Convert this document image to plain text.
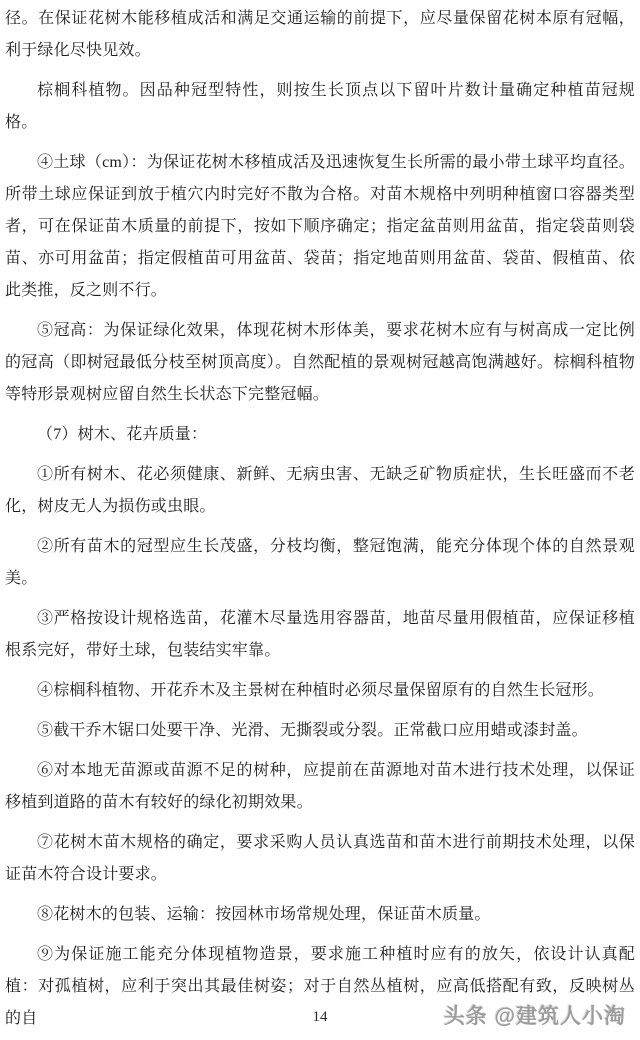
径。在保证花树木能移植成活和满足交通运输的前提下，应尽量保留花树本原有冠幅，利于绿化尽快见效。

棕榈科植物。因品种冠型特性，则按生长顶点以下留叶片数计量确定种植苗冠规格。

④土球（cm）：为保证花树木移植成活及迅速恢复生长所需的最小带土球平均直径。所带土球应保证到放于植穴内时完好不散为合格。对苗木规格中列明种植窗口容器类型者，可在保证苗木质量的前提下，按如下顺序确定；指定盆苗则用盆苗，指定袋苗则袋苗、亦可用盆苗；指定假植苗可用盆苗、袋苗；指定地苗则用盆苗、袋苗、假植苗、依此类推，反之则不行。

⑤冠高：为保证绿化效果，体现花树木形体美，要求花树木应有与树高成一定比例的冠高（即树冠最低分枝至树顶高度）。自然配植的景观树冠越高饱满越好。棕榈科植物等特形景观树应留自然生长状态下完整冠幅。

（7）树木、花卉质量：

①所有树木、花必须健康、新鲜、无病虫害、无缺乏矿物质症状，生长旺盛而不老化，树皮无人为损伤或虫眼。

②所有苗木的冠型应生长茂盛，分枝均衡，整冠饱满，能充分体现个体的自然景观美。

③严格按设计规格选苗，花灌木尽量选用容器苗，地苗尽量用假植苗，应保证移植根系完好，带好土球，包装结实牢靠。

④棕榈科植物、开花乔木及主景树在种植时必须尽量保留原有的自然生长冠形。

⑤截干乔木锯口处要干净、光滑、无撕裂或分裂。正常截口应用蜡或漆封盖。

⑥对本地无苗源或苗源不足的树种，应提前在苗源地对苗木进行技术处理，以保证移植到道路的苗木有较好的绿化初期效果。

⑦花树木苗木规格的确定，要求采购人员认真选苗和苗木进行前期技术处理，以保证苗木符合设计要求。

⑧花树木的包装、运输：按园林市场常规处理，保证苗木质量。

⑨为保证施工能充分体现植物造景，要求施工种植时应有的放矢，依设计认真配植：对孤植树，应利于突出其最佳树姿；对于自然丛植树，应高低搭配有致，反映树丛的自	14	头条 @建筑人小淘
